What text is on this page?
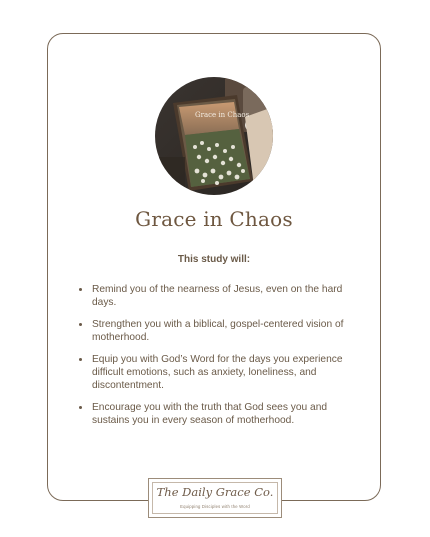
Grace in Chaos
Grace in Chaos
This study will:
Remind you of the nearness of Jesus, even on the hard days.
Strengthen you with a biblical, gospel-centered vision of motherhood.
Equip you with God’s Word for the days you experience difficult emotions, such as anxiety, loneliness, and discontentment.
Encourage you with the truth that God sees you and sustains you in every season of motherhood.
The Daily Grace Co.
Equipping Disciples with the Word
